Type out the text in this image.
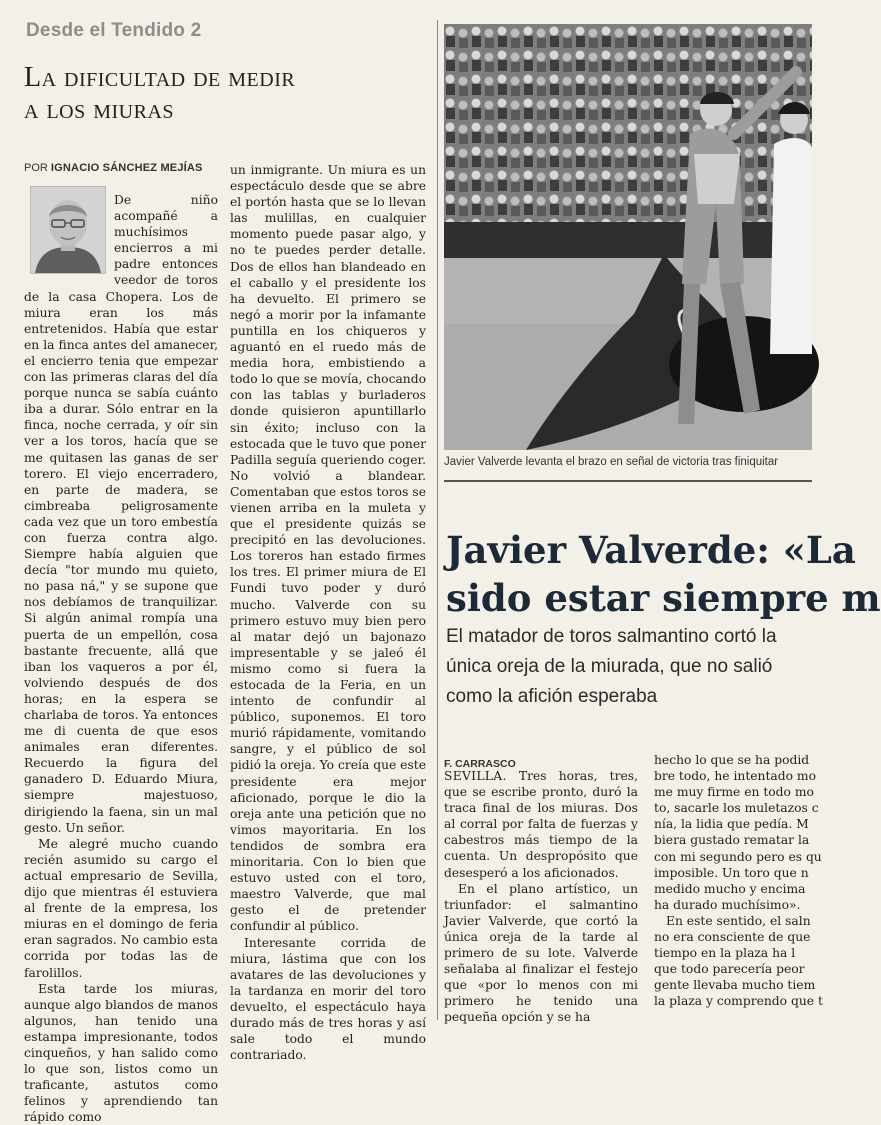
Desde el Tendido 2
La dificultad de medir
a los miuras
POR IGNACIO SÁNCHEZ MEJÍAS

De niño acompañé a muchísimos encierros a mi padre entonces veedor de toros de la casa Chopera. Los de miura eran los más entretenidos. Había que estar en la finca antes del amanecer, el encierro tenia que empezar con las primeras claras del día porque nunca se sabía cuánto iba a durar. Sólo entrar en la finca, noche cerrada, y oír sin ver a los toros, hacía que se me quitasen las ganas de ser torero. El viejo encerradero, en parte de madera, se cimbreaba peligrosamente cada vez que un toro embestía con fuerza contra algo. Siempre había alguien que decía "tor mundo mu quieto, no pasa ná," y se supone que nos debíamos de tranquilizar. Si algún animal rompía una puerta de un empellón, cosa bastante frecuente, allá que iban los vaqueros a por él, volviendo después de dos horas; en la espera se charlaba de toros. Ya entonces me di cuenta de que esos animales eran diferentes. Recuerdo la figura del ganadero D. Eduardo Miura, siempre majestuoso, dirigiendo la faena, sin un mal gesto. Un señor.

Me alegré mucho cuando recién asumido su cargo el actual empresario de Sevilla, dijo que mientras él estuviera al frente de la empresa, los miuras en el domingo de feria eran sagrados. No cambio esta corrida por todas las de farolillos.

Esta tarde los miuras, aunque algo blandos de manos algunos, han tenido una estampa impresionante, todos cinqueños, y han salido como lo que son, listos como un traficante, astutos como felinos y aprendiendo tan rápido como

un inmigrante. Un miura es un espectáculo desde que se abre el portón hasta que se lo llevan las mulillas, en cualquier momento puede pasar algo, y no te puedes perder detalle. Dos de ellos han blandeado en el caballo y el presidente los ha devuelto. El primero se negó a morir por la infamante puntilla en los chiqueros y aguantó en el ruedo más de media hora, embistiendo a todo lo que se movía, chocando con las tablas y burladeros donde quisieron apuntillarlo sin éxito; incluso con la estocada que le tuvo que poner Padilla seguía queriendo coger. No volvió a blandear. Comentaban que estos toros se vienen arriba en la muleta y que el presidente quizás se precipitó en las devoluciones. Los toreros han estado firmes los tres. El primer miura de El Fundi tuvo poder y duró mucho. Valverde con su primero estuvo muy bien pero al matar dejó un bajonazo impresentable y se jaleó él mismo como si fuera la estocada de la Feria, en un intento de confundir al público, suponemos. El toro murió rápidamente, vomitando sangre, y el público de sol pidió la oreja. Yo creía que este presidente era mejor aficionado, porque le dio la oreja ante una petición que no vimos mayoritaria. En los tendidos de sombra era minoritaria. Con lo bien que estuvo usted con el toro, maestro Valverde, que mal gesto el de pretender confundir al público.

Interesante corrida de miura, lástima que con los avatares de las devoluciones y la tardanza en morir del toro devuelto, el espectáculo haya durado más de tres horas y así sale todo el mundo contrariado.

Javier Valverde levanta el brazo en señal de victoria tras finiquitar
Javier Valverde: «La
sido estar siempre m
El matador de toros salmantino cortó la
única oreja de la miurada, que no salió
como la afición esperaba
F. CARRASCO

SEVILLA. Tres horas, tres, que se escribe pronto, duró la traca final de los miuras. Dos al corral por falta de fuerzas y cabestros más tiempo de la cuenta. Un despropósito que desesperó a los aficionados.

En el plano artístico, un triunfador: el salmantino Javier Valverde, que cortó la única oreja de la tarde al primero de su lote. Valverde señalaba al finalizar el festejo que «por lo menos con mi primero he tenido una pequeña opción y se ha

hecho lo que se ha podid
bre todo, he intentado mo
me muy firme en todo mo
to, sacarle los muletazos c
nía, la lidia que pedía. M
biera gustado rematar la
con mi segundo pero es qu
imposible. Un toro que n
medido mucho y encima
ha durado muchísimo».
En este sentido, el saln
no era consciente de que
tiempo en la plaza ha l
que todo parecería peor
gente llevaba mucho tiem
la plaza y comprendo que t
